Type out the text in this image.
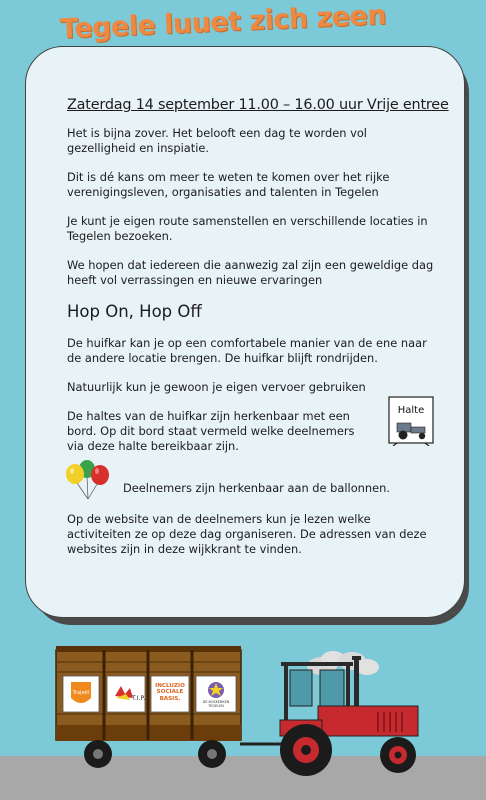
Tegele luuet zich zeen
Zaterdag 14 september 11.00 – 16.00 uur Vrije entree

Het is bijna zover. Het belooft een dag te worden vol gezelligheid en inspiatie.

Dit is dé kans om meer te weten te komen over het rijke verenigingsleven, organisaties and talenten in Tegelen

Je kunt je eigen route samenstellen en verschillende locaties in Tegelen bezoeken.

We hopen dat iedereen die aanwezig zal zijn een geweldige dag heeft vol verrassingen en nieuwe ervaringen

Hop On, Hop Off

De huifkar kan je op een comfortabele manier van de ene naar de andere locatie brengen. De huifkar blijft rondrijden.

Natuurlijk kun je gewoon je eigen vervoer gebruiken

De haltes van de huifkar zijn herkenbaar met een bord. Op dit bord staat vermeld welke deelnemers via deze halte bereikbaar zijn.

Halte
Deelnemers zijn herkenbaar aan de ballonnen.

Op de website van de deelnemers kun je lezen welke activiteiten ze op deze dag organiseren. De adressen van deze websites zijn in deze wijkkrant te vinden.

Trajekt
T.I.P.
INCLUZIO SOCIALE BASIS.
DE BOSKERKEN TEGELEN
